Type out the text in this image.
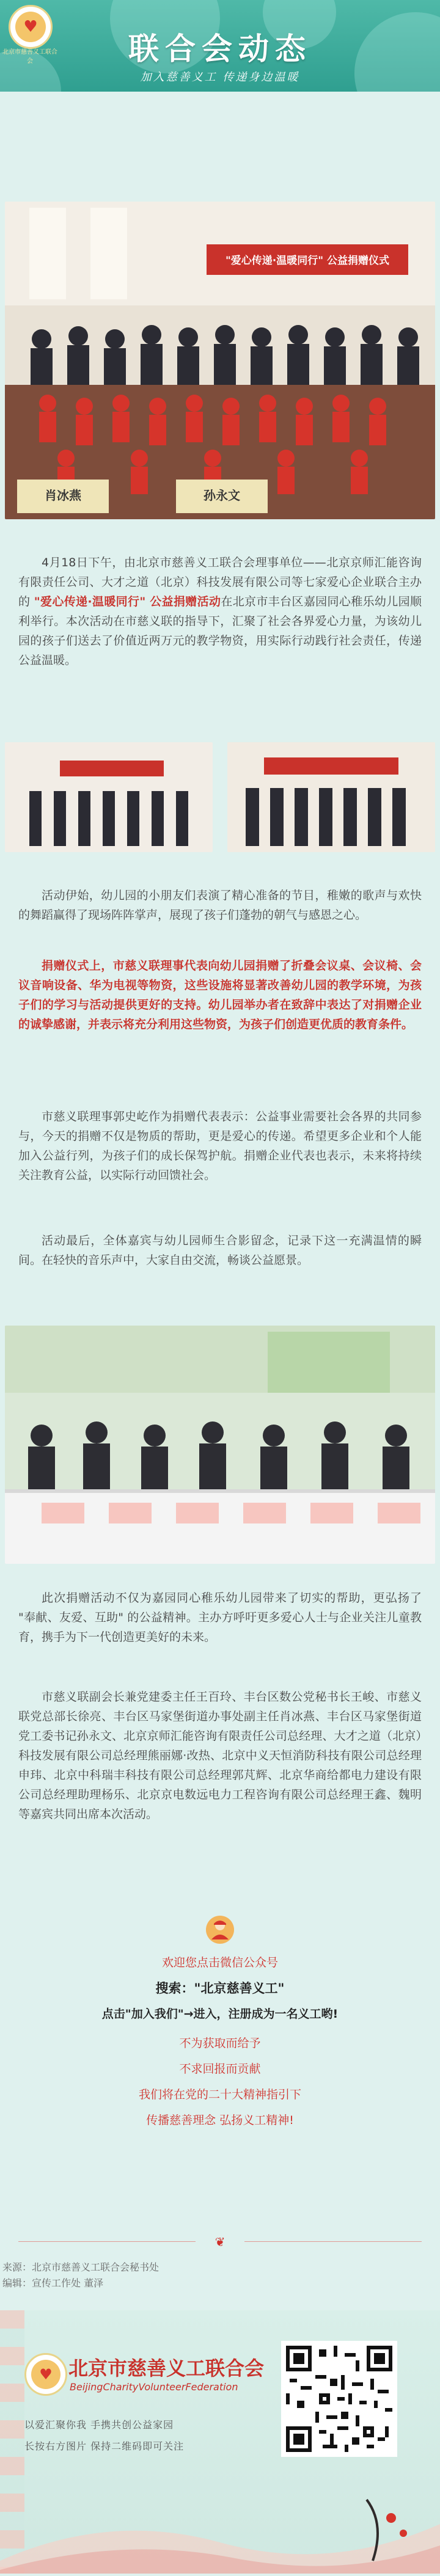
♥
北京市慈善义工联合会	联合会动态
加入慈善义工 传递身边温暖
"爱心传递·温暖同行" 公益捐赠仪式
肖冰燕	孙永文
4月18日下午，由北京市慈善义工联合会理事单位——北京京师汇能咨询有限责任公司、大才之道（北京）科技发展有限公司等七家爱心企业联合主办的 "爱心传递·温暖同行" 公益捐赠活动在北京市丰台区嘉园同心稚乐幼儿园顺利举行。本次活动在市慈义联的指导下，汇聚了社会各界爱心力量，为该幼儿园的孩子们送去了价值近两万元的教学物资，用实际行动践行社会责任，传递公益温暖。
活动伊始，幼儿园的小朋友们表演了精心准备的节目，稚嫩的歌声与欢快的舞蹈赢得了现场阵阵掌声，展现了孩子们蓬勃的朝气与感恩之心。
捐赠仪式上，市慈义联理事代表向幼儿园捐赠了折叠会议桌、会议椅、会议音响设备、华为电视等物资，这些设施将显著改善幼儿园的教学环境，为孩子们的学习与活动提供更好的支持。幼儿园举办者在致辞中表达了对捐赠企业的诚挚感谢，并表示将充分利用这些物资，为孩子们创造更优质的教育条件。
市慈义联理事郭史屹作为捐赠代表表示：公益事业需要社会各界的共同参与，今天的捐赠不仅是物质的帮助，更是爱心的传递。希望更多企业和个人能加入公益行列，为孩子们的成长保驾护航。捐赠企业代表也表示，未来将持续关注教育公益，以实际行动回馈社会。
活动最后，全体嘉宾与幼儿园师生合影留念，记录下这一充满温情的瞬间。在轻快的音乐声中，大家自由交流，畅谈公益愿景。
此次捐赠活动不仅为嘉园同心稚乐幼儿园带来了切实的帮助，更弘扬了 "奉献、友爱、互助" 的公益精神。主办方呼吁更多爱心人士与企业关注儿童教育，携手为下一代创造更美好的未来。
市慈义联副会长兼党建委主任王百玲、丰台区数公党秘书长王峻、市慈义联党总部长徐亮、丰台区马家堡街道办事处副主任肖冰燕、丰台区马家堡街道党工委书记孙永文、北京京师汇能咨询有限责任公司总经理、大才之道（北京）科技发展有限公司总经理熊丽娜·改热、北京中义天恒消防科技有限公司总经理申玮、北京中科瑞丰科技有限公司总经理郭芃辉、北京华商给都电力建设有限公司总经理助理杨乐、北京京电数远电力工程咨询有限公司总经理王鑫、魏明等嘉宾共同出席本次活动。
欢迎您点击微信公众号
搜索："北京慈善义工"
点击"加入我们"→进入，注册成为一名义工哟!
不为获取而给予
不求回报而贡献
我们将在党的二十大精神指引下
传播慈善理念 弘扬义工精神!
❦
来源：北京市慈善义工联合会秘书处
编辑：宣传工作处 董泽
♥ 北京市慈善义工联合会
BeijingCharityVolunteerFederation
以爱汇聚你我 手携共创公益家园
长按右方图片 保持二维码即可关注
